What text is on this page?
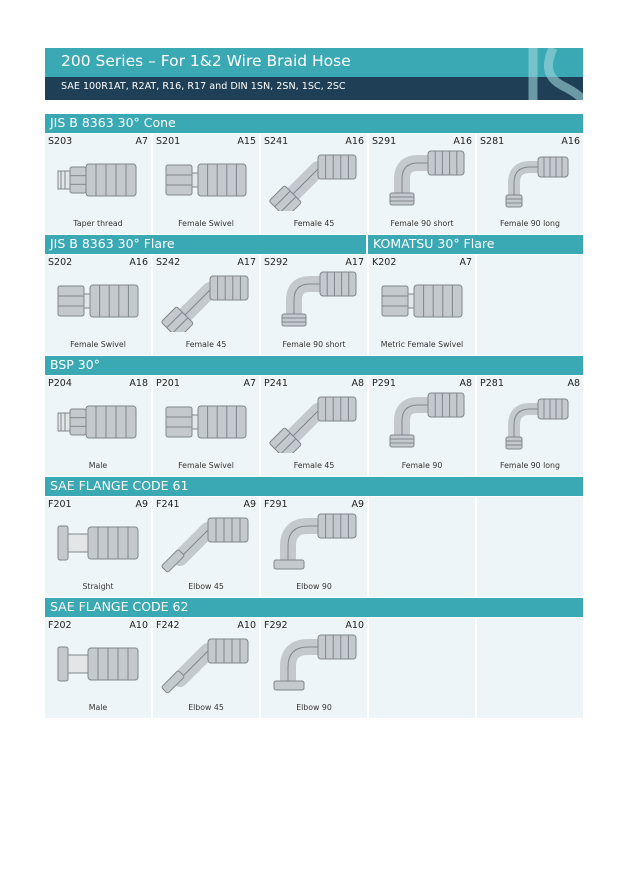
200 Series – For 1&2 Wire Braid Hose
SAE 100R1AT, R2AT, R16, R17 and DIN 1SN, 2SN, 1SC, 2SC
JIS B 8363 30° Cone
S203	A7
Taper thread
S201	A15
Female Swivel
S241	A16
Female 45
S291	A16
Female 90 short
S281	A16
Female 90 long
JIS B 8363 30° Flare	KOMATSU 30° Flare
S202	A16
Female Swivel
S242	A17
Female 45
S292	A17
Female 90 short
K202	A7
Metric Female Swivel
BSP 30°
P204	A18
Male
P201	A7
Female Swivel
P241	A8
Female 45
P291	A8
Female 90
P281	A8
Female 90 long
SAE FLANGE CODE 61
F201	A9
Straight
F241	A9
Elbow 45
F291	A9
Elbow 90
SAE FLANGE CODE 62
F202	A10
Male
F242	A10
Elbow 45
F292	A10
Elbow 90
